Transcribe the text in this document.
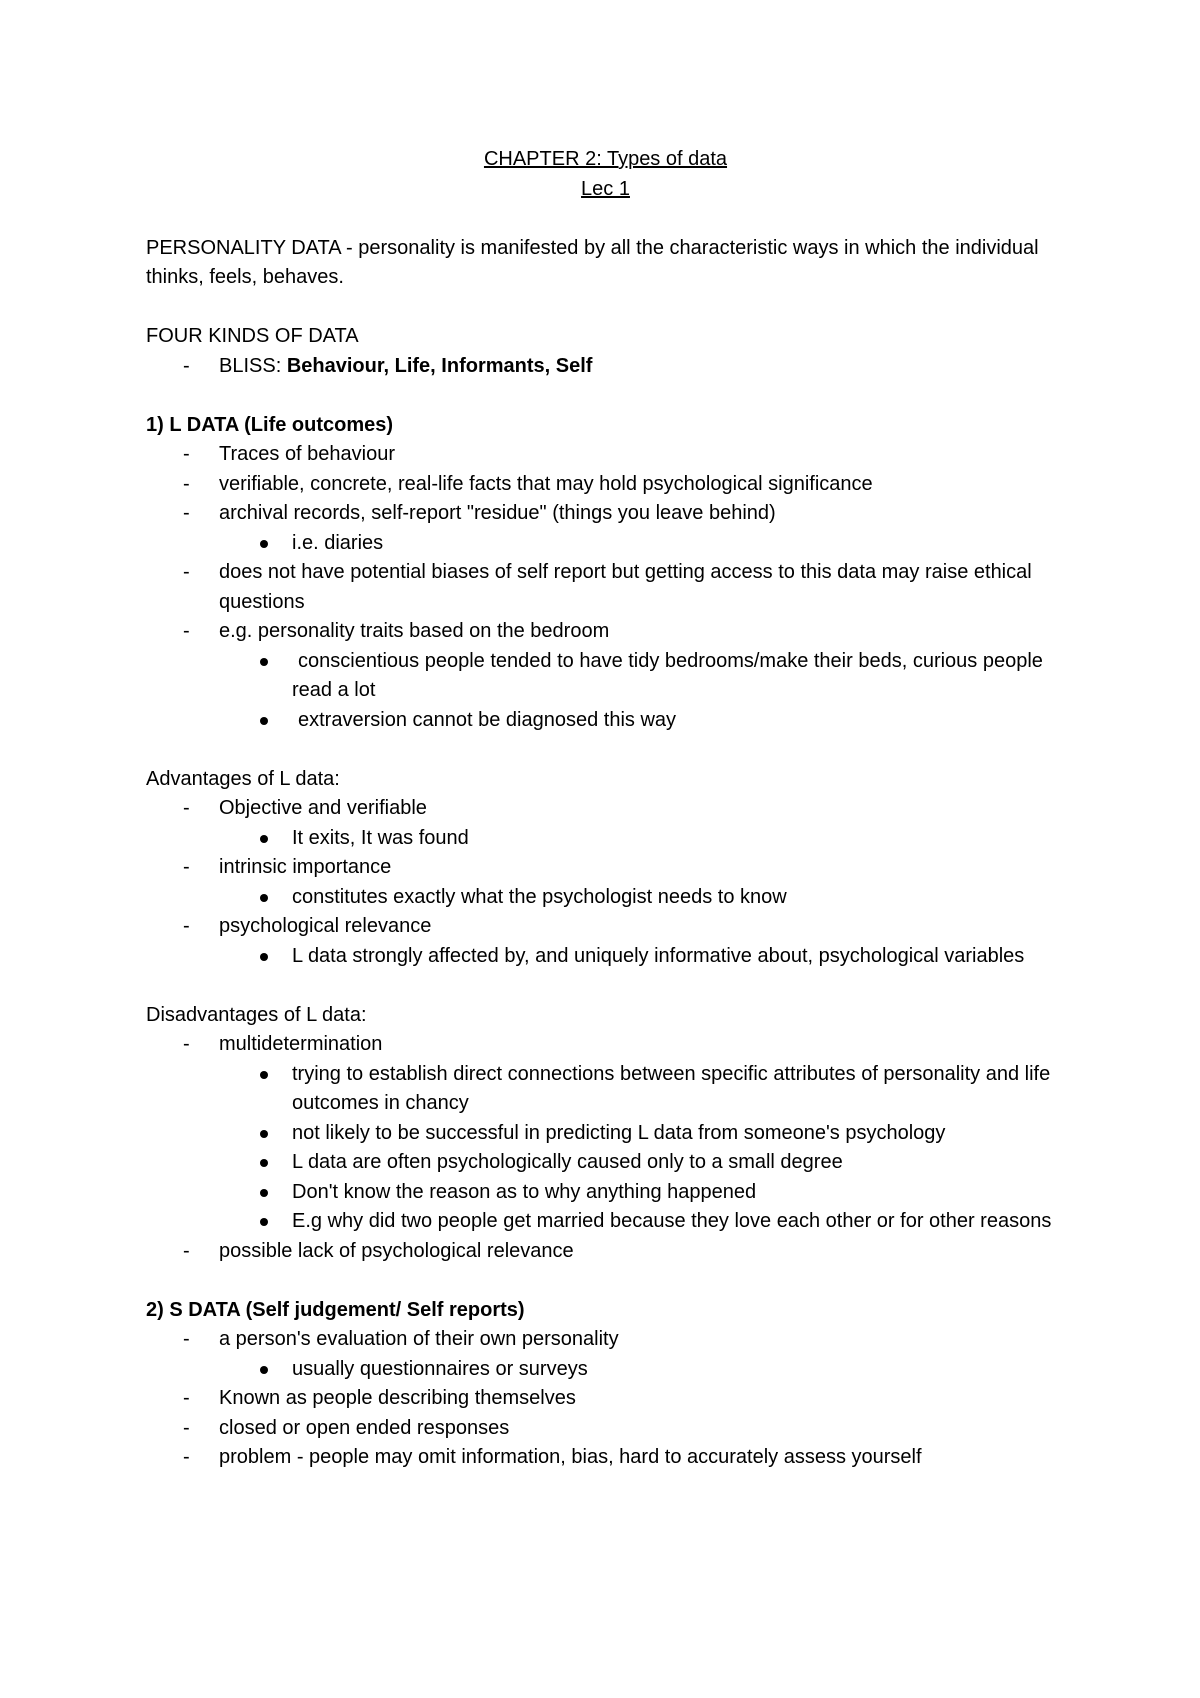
CHAPTER 2: Types of data
Lec 1
PERSONALITY DATA - personality is manifested by all the characteristic ways in which the individual thinks, feels, behaves.
FOUR KINDS OF DATA
- BLISS: Behaviour, Life, Informants, Self
1) L DATA (Life outcomes)
- Traces of behaviour
- verifiable, concrete, real-life facts that may hold psychological significance
- archival records, self-report "residue" (things you leave behind)
i.e. diaries
- does not have potential biases of self report but getting access to this data may raise ethical questions
- e.g. personality traits based on the bedroom
conscientious people tended to have tidy bedrooms/make their beds, curious people read a lot
extraversion cannot be diagnosed this way
Advantages of L data:
- Objective and verifiable
It exits, It was found
- intrinsic importance
constitutes exactly what the psychologist needs to know
- psychological relevance
L data strongly affected by, and uniquely informative about, psychological variables
Disadvantages of L data:
- multidetermination
trying to establish direct connections between specific attributes of personality and life outcomes in chancy
not likely to be successful in predicting L data from someone's psychology
L data are often psychologically caused only to a small degree
Don't know the reason as to why anything happened
E.g why did two people get married because they love each other or for other reasons
- possible lack of psychological relevance
2) S DATA (Self judgement/ Self reports)
- a person's evaluation of their own personality
usually questionnaires or surveys
- Known as people describing themselves
- closed or open ended responses
- problem - people may omit information, bias, hard to accurately assess yourself
